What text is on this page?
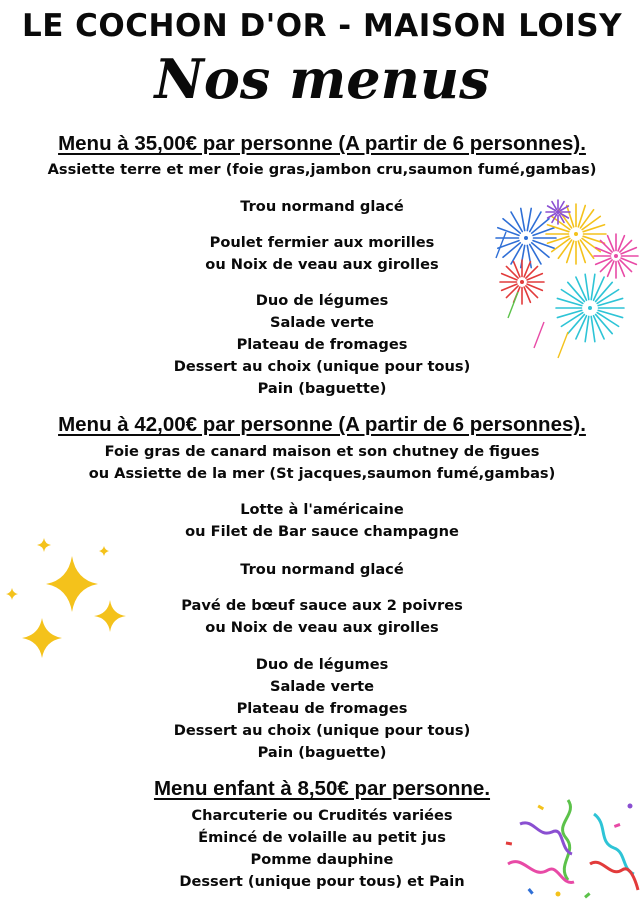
LE COCHON D'OR - MAISON LOISY
Nos menus
Menu à 35,00€ par personne (A partir de 6 personnes).
Assiette terre et mer (foie gras,jambon cru,saumon fumé,gambas)
Trou normand glacé
Poulet fermier aux morilles
ou Noix de veau aux girolles
Duo de légumes
Salade verte
Plateau de fromages
Dessert au choix (unique pour tous)
Pain (baguette)
Menu à 42,00€ par personne (A partir de 6 personnes).
Foie gras de canard maison et son chutney de figues
ou Assiette de la mer (St jacques,saumon fumé,gambas)
Lotte à l'américaine
ou Filet de Bar sauce champagne
Trou normand glacé
Pavé de bœuf sauce aux 2 poivres
ou Noix de veau aux girolles
Duo de légumes
Salade verte
Plateau de fromages
Dessert au choix (unique pour tous)
Pain (baguette)
Menu enfant à 8,50€ par personne.
Charcuterie ou Crudités variées
Émincé de volaille au petit jus
Pomme dauphine
Dessert (unique pour tous) et Pain
